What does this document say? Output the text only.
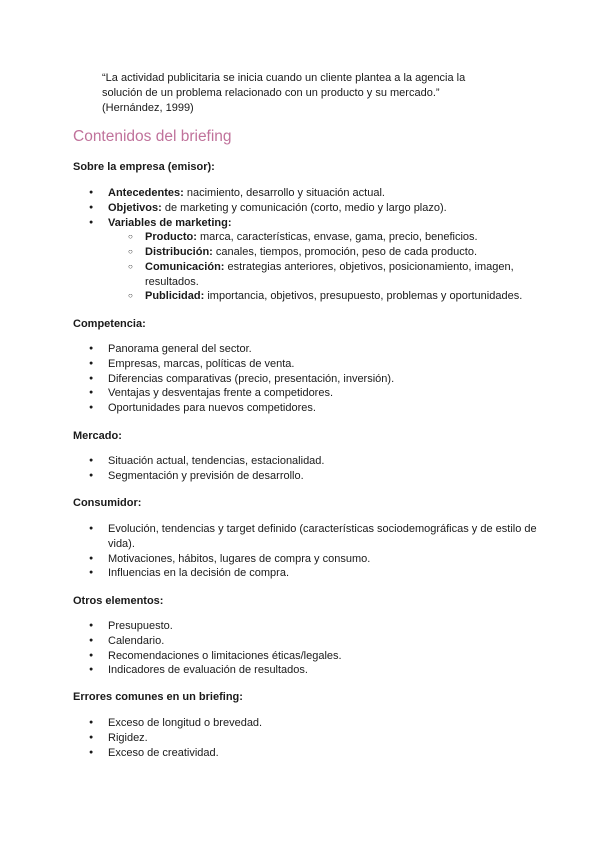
“La actividad publicitaria se inicia cuando un cliente plantea a la agencia la

solución de un problema relacionado con un producto y su mercado.”

(Hernández, 1999)

Contenidos del briefing
Sobre la empresa (emisor):
● Antecedentes: nacimiento, desarrollo y situación actual.
● Objetivos: de marketing y comunicación (corto, medio y largo plazo).
● Variables de marketing:
○ Producto: marca, características, envase, gama, precio, beneficios.
○ Distribución: canales, tiempos, promoción, peso de cada producto.
○ Comunicación: estrategias anteriores, objetivos, posicionamiento, imagen, resultados.
○ Publicidad: importancia, objetivos, presupuesto, problemas y oportunidades.
Competencia:
● Panorama general del sector.
● Empresas, marcas, políticas de venta.
● Diferencias comparativas (precio, presentación, inversión).
● Ventajas y desventajas frente a competidores.
● Oportunidades para nuevos competidores.
Mercado:
● Situación actual, tendencias, estacionalidad.
● Segmentación y previsión de desarrollo.
Consumidor:
● Evolución, tendencias y target definido (características sociodemográficas y de estilo de vida).
● Motivaciones, hábitos, lugares de compra y consumo.
● Influencias en la decisión de compra.
Otros elementos:
● Presupuesto.
● Calendario.
● Recomendaciones o limitaciones éticas/legales.
● Indicadores de evaluación de resultados.
Errores comunes en un briefing:
● Exceso de longitud o brevedad.
● Rigidez.
● Exceso de creatividad.
